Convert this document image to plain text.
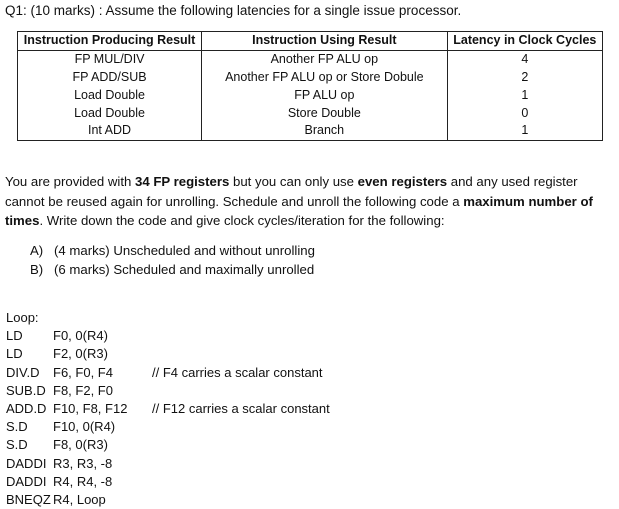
Q1: (10 marks) : Assume the following latencies for a single issue processor.
Instruction Producing Result	Instruction Using Result	Latency in Clock Cycles
FP MUL/DIV	Another FP ALU op	4
FP ADD/SUB	Another FP ALU op or Store Dobule	2
Load Double	FP ALU op	1
Load Double	Store Double	0
Int ADD	Branch	1
You are provided with 34 FP registers but you can only use even registers and any used register cannot be reused again for unrolling. Schedule and unroll the following code a maximum number of times. Write down the code and give clock cycles/iteration for the following:
A) (4 marks) Unscheduled and without unrolling
B) (6 marks) Scheduled and maximally unrolled
Loop:
LD	F0, 0(R4)
LD	F2, 0(R3)
DIV.D	F6, F0, F4	// F4 carries a scalar constant
SUB.D F8, F2, F0
ADD.D F10, F8, F12	// F12 carries a scalar constant
S.D	F10, 0(R4)
S.D	F8, 0(R3)
DADDI R3, R3, -8
DADDI R4, R4, -8
BNEQZ R4, Loop
